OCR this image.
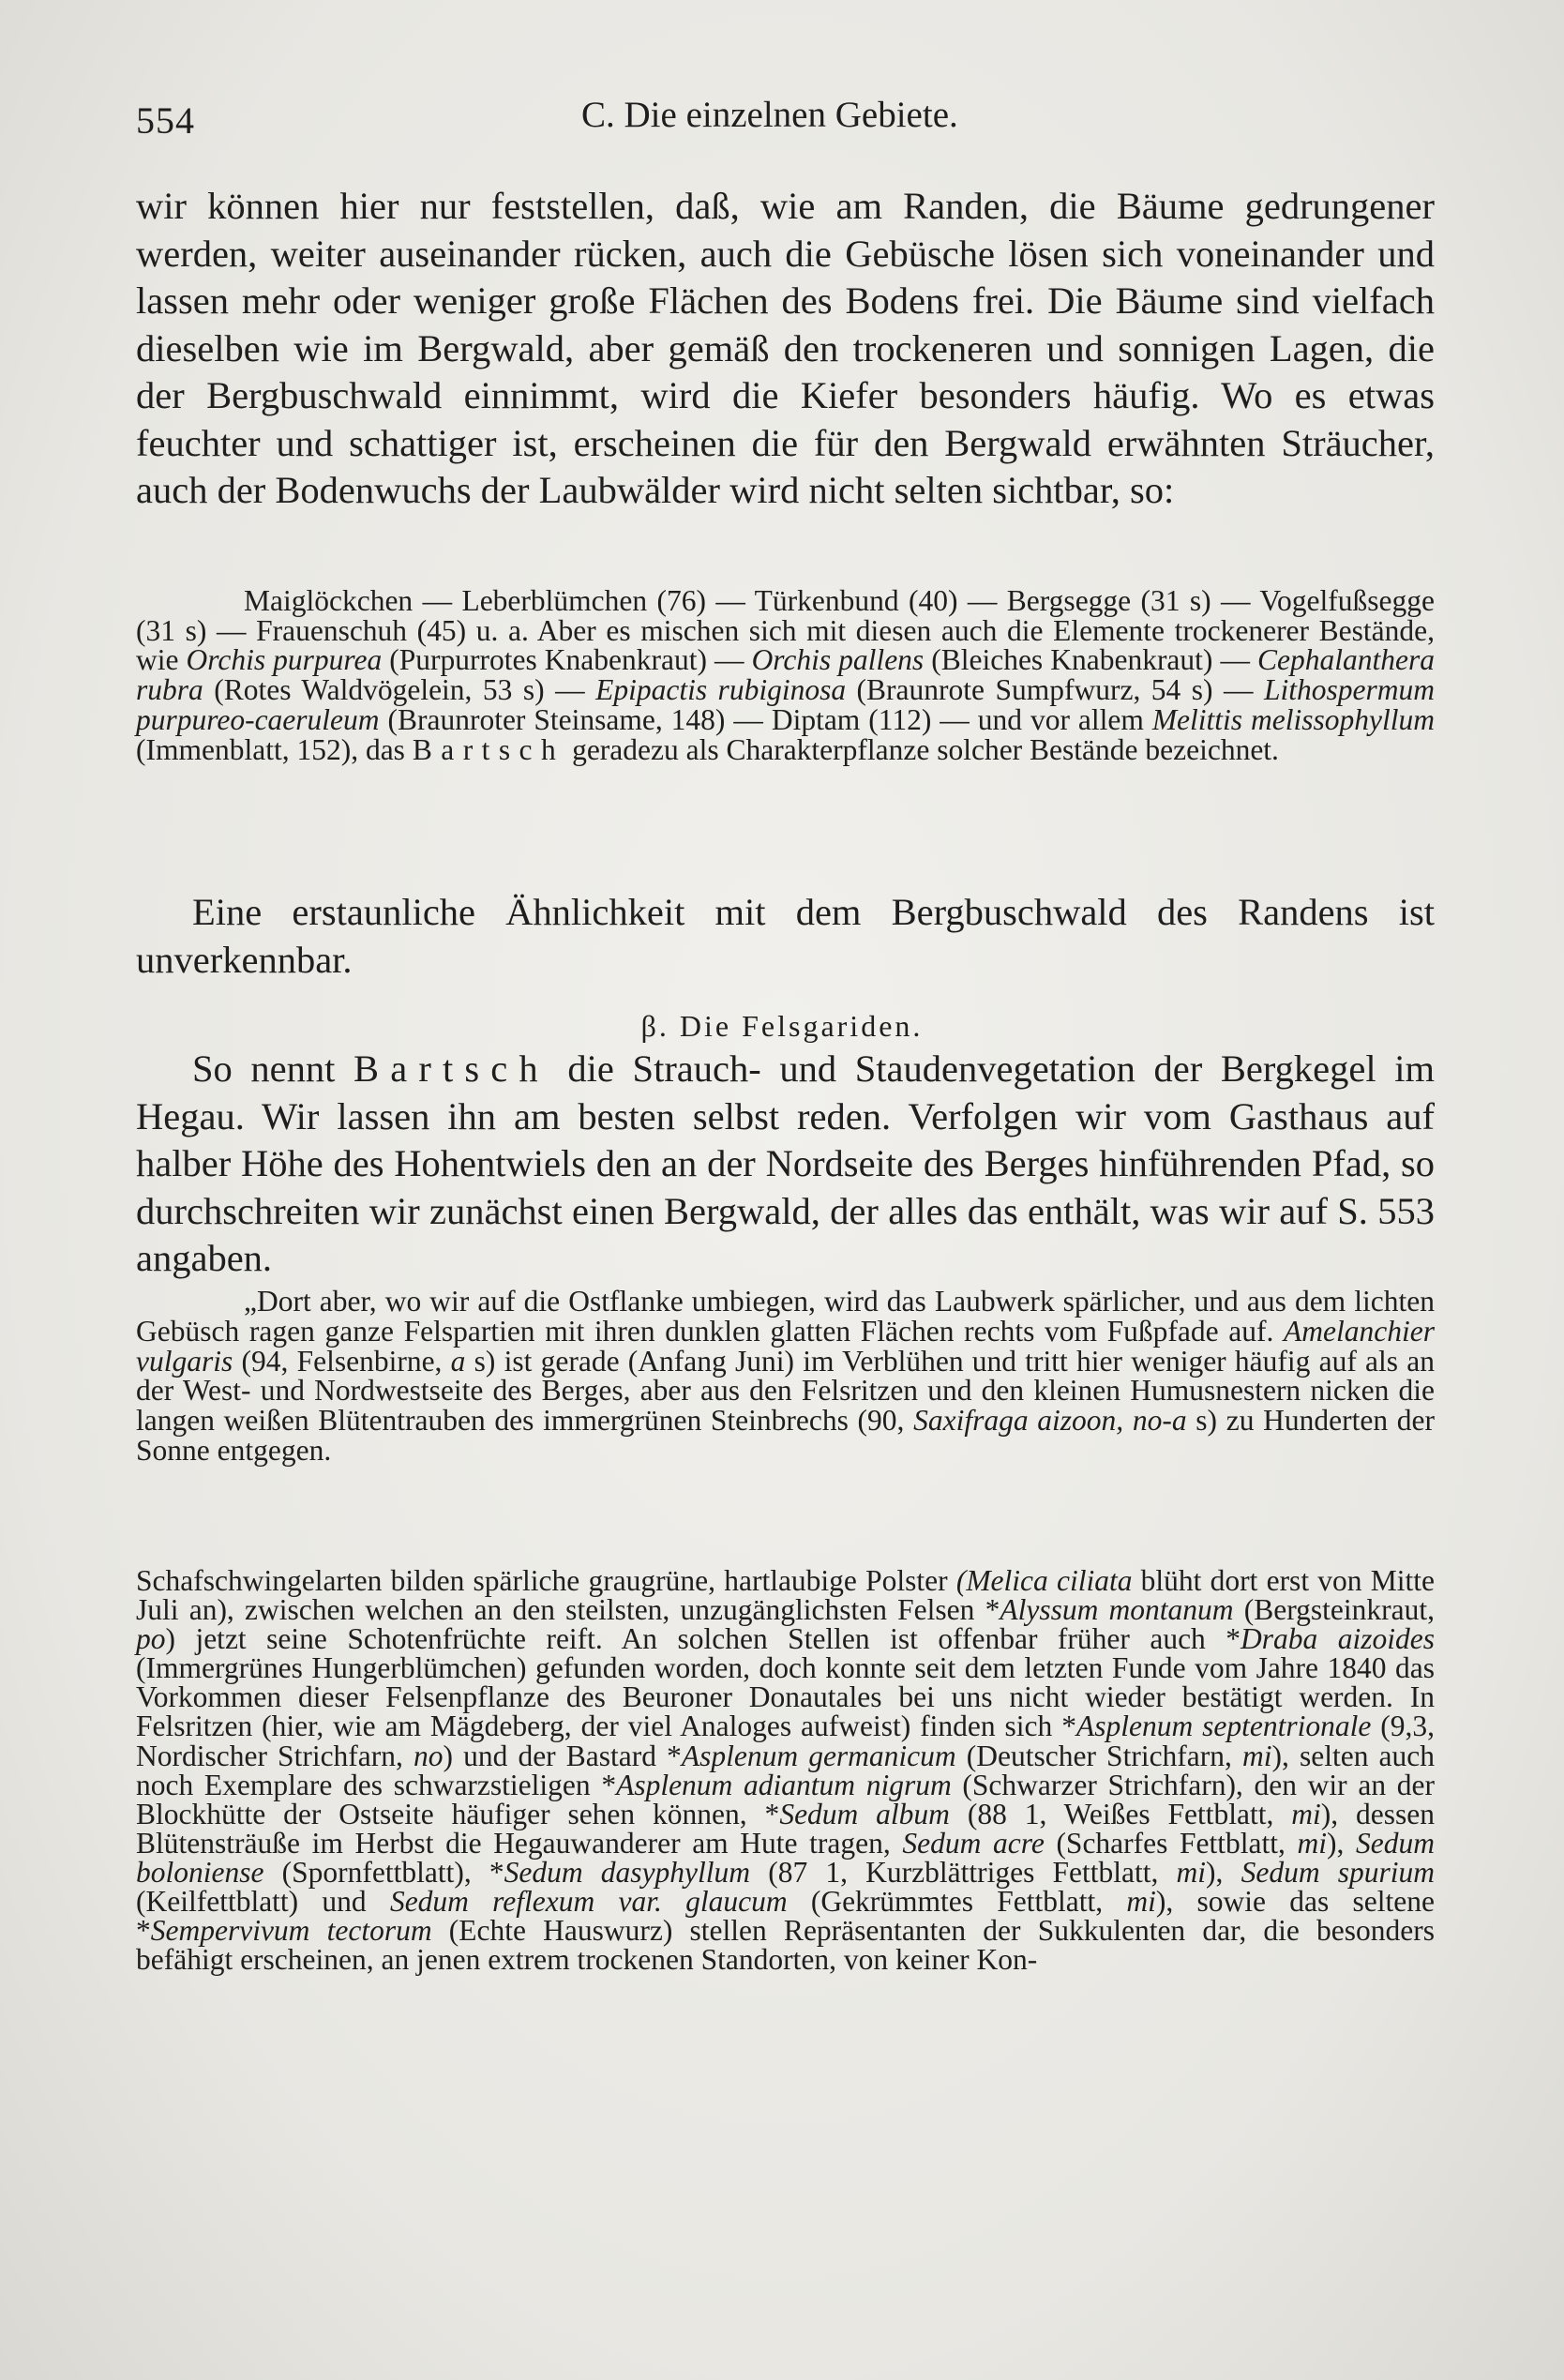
554	C. Die einzelnen Gebiete.

wir können hier nur feststellen, daß, wie am Randen, die Bäume gedrungener werden, weiter auseinander rücken, auch die Gebüsche lösen sich voneinander und lassen mehr oder weniger große Flächen des Bodens frei. Die Bäume sind vielfach dieselben wie im Bergwald, aber gemäß den trockeneren und sonnigen Lagen, die der Bergbuschwald einnimmt, wird die Kiefer besonders häufig. Wo es etwas feuchter und schattiger ist, erscheinen die für den Bergwald erwähnten Sträucher, auch der Bodenwuchs der Laubwälder wird nicht selten sichtbar, so:

Maiglöckchen — Leberblümchen (76) — Türkenbund (40) — Bergsegge (31 s) — Vogelfußsegge (31 s) — Frauenschuh (45) u. a. Aber es mischen sich mit diesen auch die Elemente trockenerer Bestände, wie Orchis purpurea (Purpurrotes Knabenkraut) — Orchis pallens (Bleiches Knabenkraut) — Cephalanthera rubra (Rotes Waldvögelein, 53 s) — Epipactis rubiginosa (Braunrote Sumpfwurz, 54 s) — Lithospermum purpureo-caeruleum (Braunroter Steinsame, 148) — Diptam (112) — und vor allem Melittis melissophyllum (Immenblatt, 152), das Bartsch geradezu als Charakterpflanze solcher Bestände bezeichnet.

Eine erstaunliche Ähnlichkeit mit dem Bergbuschwald des Randens ist unverkennbar.

β. Die Felsgariden.

So nennt Bartsch die Strauch- und Staudenvegetation der Bergkegel im Hegau. Wir lassen ihn am besten selbst reden. Verfolgen wir vom Gasthaus auf halber Höhe des Hohentwiels den an der Nordseite des Berges hinführenden Pfad, so durchschreiten wir zunächst einen Bergwald, der alles das enthält, was wir auf S. 553 angaben.

„Dort aber, wo wir auf die Ostflanke umbiegen, wird das Laubwerk spärlicher, und aus dem lichten Gebüsch ragen ganze Felspartien mit ihren dunklen glatten Flächen rechts vom Fußpfade auf. Amelanchier vulgaris (94, Felsenbirne, a s) ist gerade (Anfang Juni) im Verblühen und tritt hier weniger häufig auf als an der West- und Nordwestseite des Berges, aber aus den Felsritzen und den kleinen Humusnestern nicken die langen weißen Blütentrauben des immergrünen Steinbrechs (90, Saxifraga aizoon, no-a s) zu Hunderten der Sonne entgegen.

Schafschwingelarten bilden spärliche graugrüne, hartlaubige Polster (Melica ciliata blüht dort erst von Mitte Juli an), zwischen welchen an den steilsten, unzugänglichsten Felsen *Alyssum montanum (Bergsteinkraut, po) jetzt seine Schotenfrüchte reift. An solchen Stellen ist offenbar früher auch *Draba aizoides (Immergrünes Hungerblümchen) gefunden worden, doch konnte seit dem letzten Funde vom Jahre 1840 das Vorkommen dieser Felsenpflanze des Beuroner Donautales bei uns nicht wieder bestätigt werden. In Felsritzen (hier, wie am Mägdeberg, der viel Analoges aufweist) finden sich *Asplenum septentrionale (9,3, Nordischer Strichfarn, no) und der Bastard *Asplenum germanicum (Deutscher Strichfarn, mi), selten auch noch Exemplare des schwarzstieligen *Asplenum adiantum nigrum (Schwarzer Strichfarn), den wir an der Blockhütte der Ostseite häufiger sehen können, *Sedum album (88 1, Weißes Fettblatt, mi), dessen Blütensträuße im Herbst die Hegauwanderer am Hute tragen, Sedum acre (Scharfes Fettblatt, mi), Sedum boloniense (Spornfettblatt), *Sedum dasyphyllum (87 1, Kurzblättriges Fettblatt, mi), Sedum spurium (Keilfettblatt) und Sedum reflexum var. glaucum (Gekrümmtes Fettblatt, mi), sowie das seltene *Sempervivum tectorum (Echte Hauswurz) stellen Repräsentanten der Sukkulenten dar, die besonders befähigt erscheinen, an jenen extrem trockenen Standorten, von keiner Kon-
